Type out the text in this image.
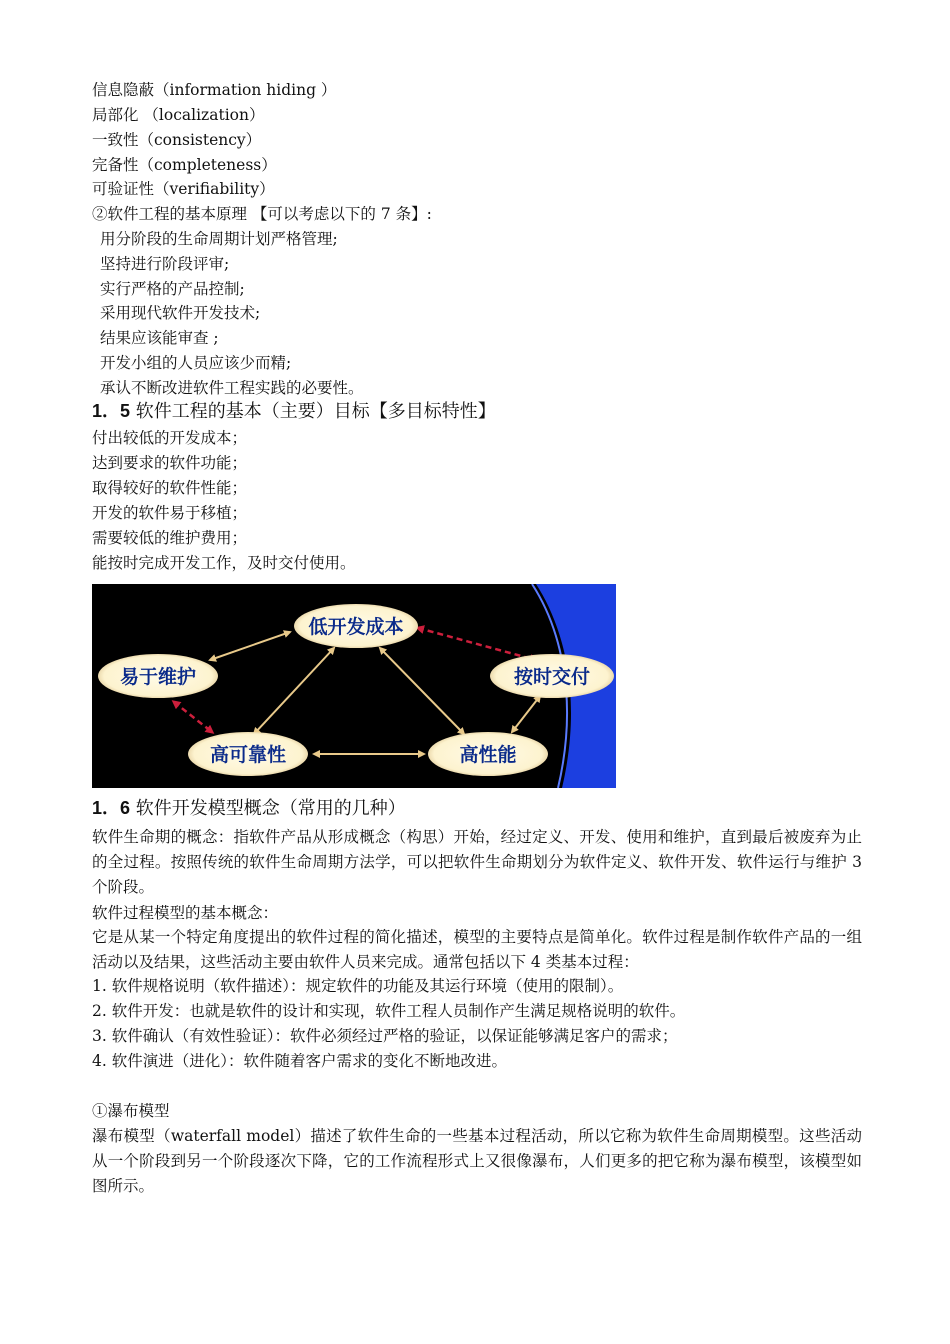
信息隐蔽（information hiding ）
局部化 （localization）
一致性（consistency）
完备性（completeness）
可验证性（verifiability）
②软件工程的基本原理 【可以考虑以下的 7 条】:
用分阶段的生命周期计划严格管理;
坚持进行阶段评审;
实行严格的产品控制;
采用现代软件开发技术;
结果应该能审查 ;
开发小组的人员应该少而精;
承认不断改进软件工程实践的必要性。
1．5 软件工程的基本（主要）目标【多目标特性】
付出较低的开发成本；
达到要求的软件功能；
取得较好的软件性能；
开发的软件易于移植；
需要较低的维护费用；
能按时完成开发工作，及时交付使用。
低开发成本
易于维护	按时交付
高可靠性	高性能
1．6 软件开发模型概念（常用的几种）
软件生命期的概念：指软件产品从形成概念（构思）开始，经过定义、开发、使用和维护，直到最后被废弃为止的全过程。按照传统的软件生命周期方法学，可以把软件生命期划分为软件定义、软件开发、软件运行与维护 3 个阶段。
软件过程模型的基本概念：
它是从某一个特定角度提出的软件过程的简化描述，模型的主要特点是简单化。软件过程是制作软件产品的一组活动以及结果，这些活动主要由软件人员来完成。通常包括以下 4 类基本过程：
1. 软件规格说明（软件描述）：规定软件的功能及其运行环境（使用的限制）。
2. 软件开发：也就是软件的设计和实现，软件工程人员制作产生满足规格说明的软件。
3. 软件确认（有效性验证）：软件必须经过严格的验证，以保证能够满足客户的需求；
4. 软件演进（进化）：软件随着客户需求的变化不断地改进。
①瀑布模型
瀑布模型（waterfall model）描述了软件生命的一些基本过程活动，所以它称为软件生命周期模型。这些活动从一个阶段到另一个阶段逐次下降，它的工作流程形式上又很像瀑布，人们更多的把它称为瀑布模型，该模型如图所示。
